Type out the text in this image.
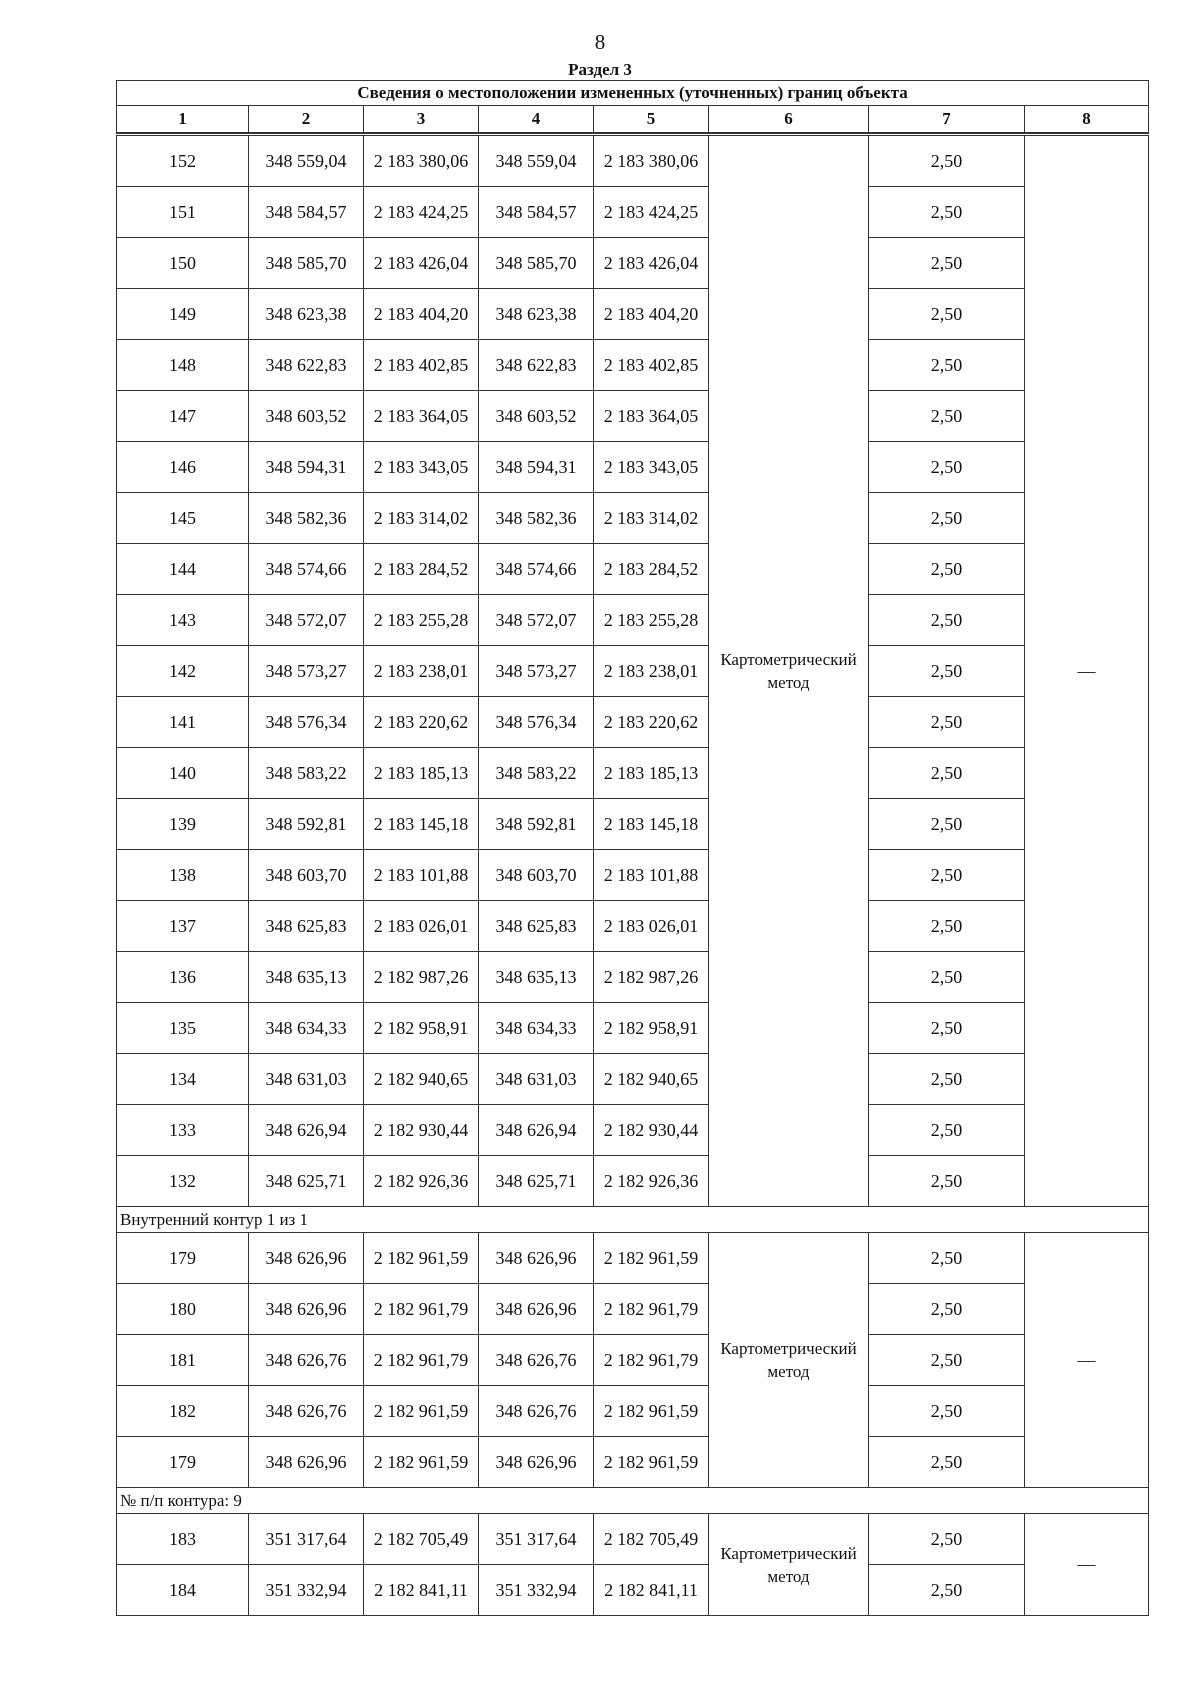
8
Раздел 3
Сведения о местоположении измененных (уточненных) границ объекта							
1	2	3	4	5	6	7	8

152	348 559,04	2 183 380,06	348 559,04	2 183 380,06	Картометрический метод	2,50	—
151	348 584,57	2 183 424,25	348 584,57	2 183 424,25		2,50	
150	348 585,70	2 183 426,04	348 585,70	2 183 426,04		2,50	
149	348 623,38	2 183 404,20	348 623,38	2 183 404,20		2,50	
148	348 622,83	2 183 402,85	348 622,83	2 183 402,85		2,50	
147	348 603,52	2 183 364,05	348 603,52	2 183 364,05		2,50	
146	348 594,31	2 183 343,05	348 594,31	2 183 343,05		2,50	
145	348 582,36	2 183 314,02	348 582,36	2 183 314,02		2,50	
144	348 574,66	2 183 284,52	348 574,66	2 183 284,52		2,50	
143	348 572,07	2 183 255,28	348 572,07	2 183 255,28		2,50	
142	348 573,27	2 183 238,01	348 573,27	2 183 238,01		2,50	
141	348 576,34	2 183 220,62	348 576,34	2 183 220,62		2,50	
140	348 583,22	2 183 185,13	348 583,22	2 183 185,13		2,50	
139	348 592,81	2 183 145,18	348 592,81	2 183 145,18		2,50	
138	348 603,70	2 183 101,88	348 603,70	2 183 101,88		2,50	
137	348 625,83	2 183 026,01	348 625,83	2 183 026,01		2,50	
136	348 635,13	2 182 987,26	348 635,13	2 182 987,26		2,50	
135	348 634,33	2 182 958,91	348 634,33	2 182 958,91		2,50	
134	348 631,03	2 182 940,65	348 631,03	2 182 940,65		2,50	
133	348 626,94	2 182 930,44	348 626,94	2 182 930,44		2,50	
132	348 625,71	2 182 926,36	348 625,71	2 182 926,36		2,50	
Внутренний контур 1 из 1							
179	348 626,96	2 182 961,59	348 626,96	2 182 961,59	Картометрический метод	2,50	—
180	348 626,96	2 182 961,79	348 626,96	2 182 961,79		2,50	
181	348 626,76	2 182 961,79	348 626,76	2 182 961,79		2,50	
182	348 626,76	2 182 961,59	348 626,76	2 182 961,59		2,50	
179	348 626,96	2 182 961,59	348 626,96	2 182 961,59		2,50	
№ п/п контура: 9							
183	351 317,64	2 182 705,49	351 317,64	2 182 705,49	Картометрический метод	2,50	—
184	351 332,94	2 182 841,11	351 332,94	2 182 841,11		2,50	
